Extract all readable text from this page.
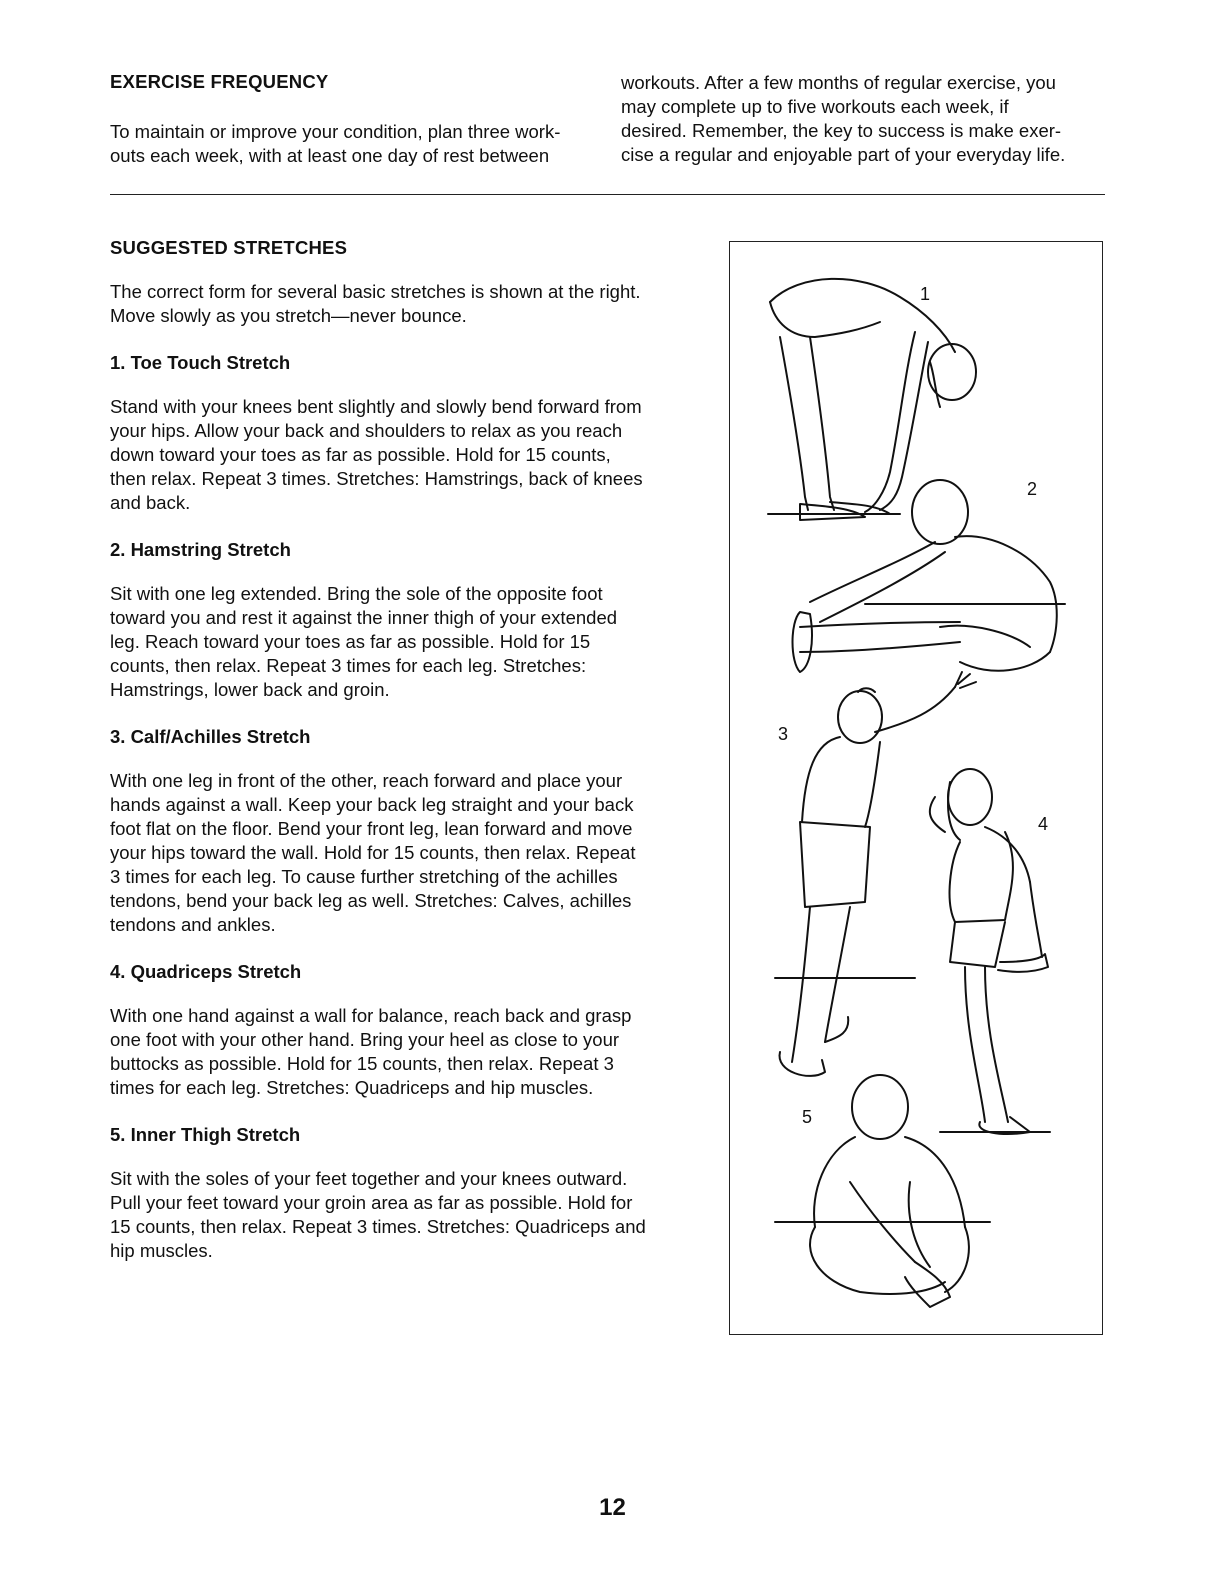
EXERCISE FREQUENCY
To maintain or improve your condition, plan three work-
outs each week, with at least one day of rest between
workouts. After a few months of regular exercise, you
may complete up to five workouts each week, if
desired. Remember, the key to success is make exer-
cise a regular and enjoyable part of your everyday life.
SUGGESTED STRETCHES
The correct form for several basic stretches is shown at the right.
Move slowly as you stretch—never bounce.
1. Toe Touch Stretch
Stand with your knees bent slightly and slowly bend forward from
your hips. Allow your back and shoulders to relax as you reach
down toward your toes as far as possible. Hold for 15 counts,
then relax. Repeat 3 times. Stretches: Hamstrings, back of knees
and back.
2. Hamstring Stretch
Sit with one leg extended. Bring the sole of the opposite foot
toward you and rest it against the inner thigh of your extended
leg. Reach toward your toes as far as possible. Hold for 15
counts, then relax. Repeat 3 times for each leg. Stretches:
Hamstrings, lower back and groin.
3. Calf/Achilles Stretch
With one leg in front of the other, reach forward and place your
hands against a wall. Keep your back leg straight and your back
foot flat on the floor. Bend your front leg, lean forward and move
your hips toward the wall. Hold for 15 counts, then relax. Repeat
3 times for each leg. To cause further stretching of the achilles
tendons, bend your back leg as well. Stretches: Calves, achilles
tendons and ankles.
4. Quadriceps Stretch
With one hand against a wall for balance, reach back and grasp
one foot with your other hand. Bring your heel as close to your
buttocks as possible. Hold for 15 counts, then relax. Repeat 3
times for each leg. Stretches: Quadriceps and hip muscles.
5. Inner Thigh Stretch
Sit with the soles of your feet together and your knees outward.
Pull your feet toward your groin area as far as possible. Hold for
15 counts, then relax. Repeat 3 times. Stretches: Quadriceps and
hip muscles.
1
2
3
4
5
12
